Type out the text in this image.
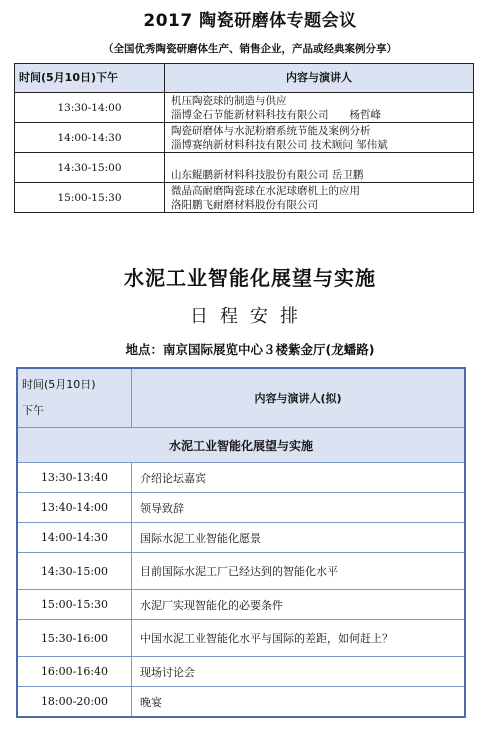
2017 陶瓷研磨体专题会议
（全国优秀陶瓷研磨体生产、销售企业，产品或经典案例分享）
时间(5月10日)下午	内容与演讲人
13:30-14:00	机压陶瓷球的制造与供应
淄博金石节能新材料科技有限公司　　杨哲峰

14:00-14:30	陶瓷研磨体与水泥粉磨系统节能及案例分析
淄博赛纳新材料科技有限公司 技术顾问 邹伟斌

14:30-15:00	山东鲲鹏新材料科技股份有限公司 岳卫鹏

15:00-15:30	微晶高耐磨陶瓷球在水泥球磨机上的应用
洛阳鹏飞耐磨材料股份有限公司
水泥工业智能化展望与实施
日程安排
地点：南京国际展览中心３楼紫金厅(龙蟠路)
时间(5月10日)
下午	内容与演讲人(拟)
水泥工业智能化展望与实施	
13:30-13:40	介绍论坛嘉宾
13:40-14:00	领导致辞
14:00-14:30	国际水泥工业智能化愿景
14:30-15:00	目前国际水泥工厂已经达到的智能化水平
15:00-15:30	水泥厂实现智能化的必要条件
15:30-16:00	中国水泥工业智能化水平与国际的差距，如何赶上？
16:00-16:40	现场讨论会
18:00-20:00	晚宴
